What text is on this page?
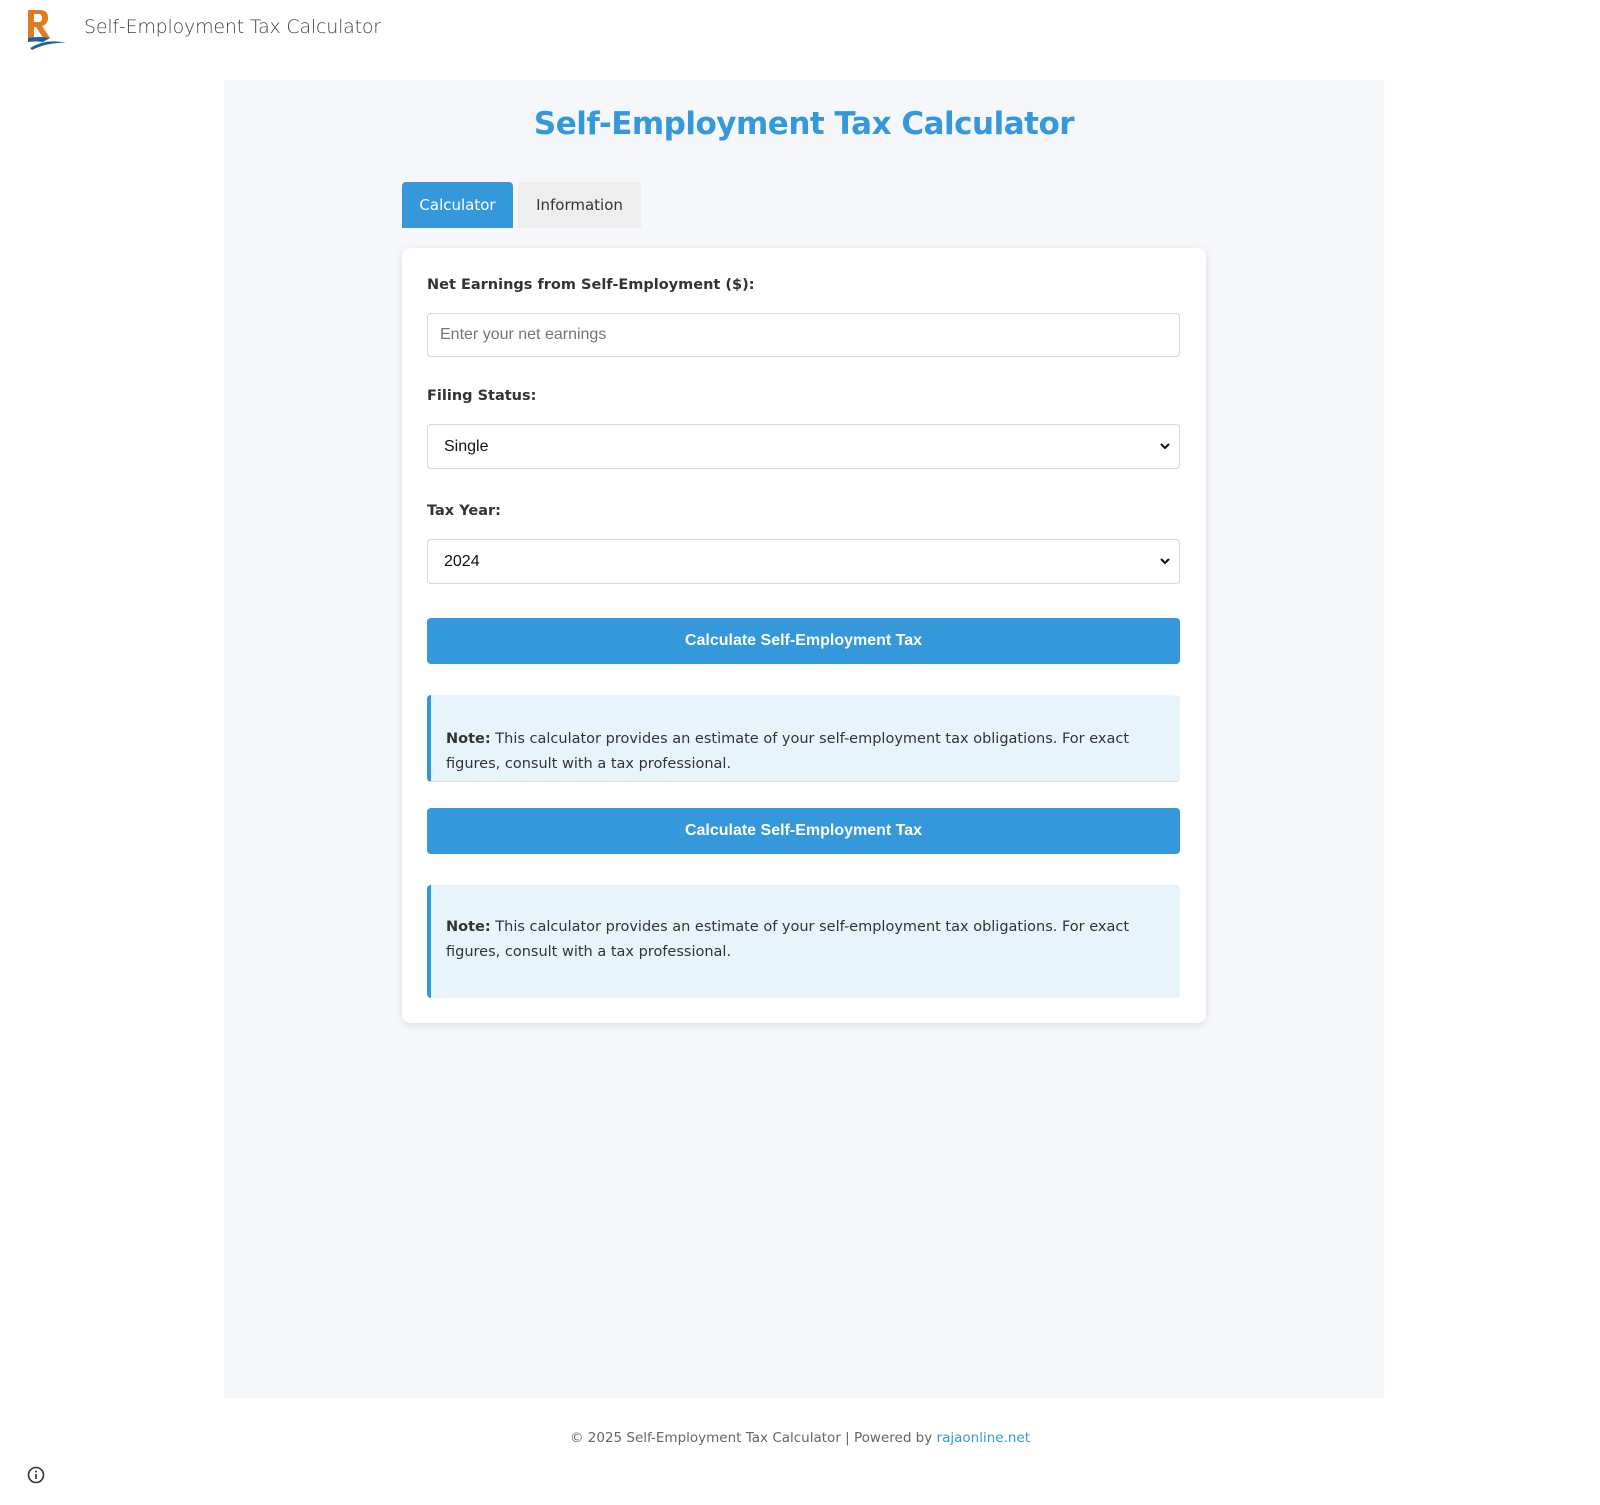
Self-Employment Tax Calculator
Self-Employment Tax Calculator
Calculator	Information
Net Earnings from Self-Employment ($):
Enter your net earnings
Filing Status:
Single
Tax Year:
2024
Calculate Self-Employment Tax
Note: This calculator provides an estimate of your self-employment tax obligations. For exact figures, consult with a tax professional.
Calculate Self-Employment Tax
Note: This calculator provides an estimate of your self-employment tax obligations. For exact figures, consult with a tax professional.
© 2025 Self-Employment Tax Calculator | Powered by rajaonline.net
